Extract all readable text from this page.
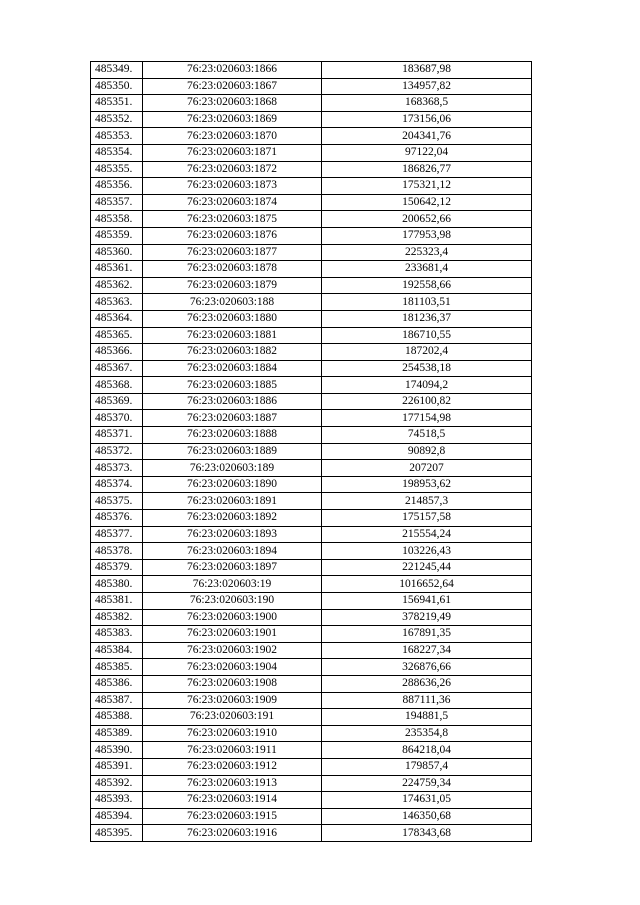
485349.	76:23:020603:1866	183687,98
485350.	76:23:020603:1867	134957,82
485351.	76:23:020603:1868	168368,5
485352.	76:23:020603:1869	173156,06
485353.	76:23:020603:1870	204341,76
485354.	76:23:020603:1871	97122,04
485355.	76:23:020603:1872	186826,77
485356.	76:23:020603:1873	175321,12
485357.	76:23:020603:1874	150642,12
485358.	76:23:020603:1875	200652,66
485359.	76:23:020603:1876	177953,98
485360.	76:23:020603:1877	225323,4
485361.	76:23:020603:1878	233681,4
485362.	76:23:020603:1879	192558,66
485363.	76:23:020603:188	181103,51
485364.	76:23:020603:1880	181236,37
485365.	76:23:020603:1881	186710,55
485366.	76:23:020603:1882	187202,4
485367.	76:23:020603:1884	254538,18
485368.	76:23:020603:1885	174094,2
485369.	76:23:020603:1886	226100,82
485370.	76:23:020603:1887	177154,98
485371.	76:23:020603:1888	74518,5
485372.	76:23:020603:1889	90892,8
485373.	76:23:020603:189	207207
485374.	76:23:020603:1890	198953,62
485375.	76:23:020603:1891	214857,3
485376.	76:23:020603:1892	175157,58
485377.	76:23:020603:1893	215554,24
485378.	76:23:020603:1894	103226,43
485379.	76:23:020603:1897	221245,44
485380.	76:23:020603:19	1016652,64
485381.	76:23:020603:190	156941,61
485382.	76:23:020603:1900	378219,49
485383.	76:23:020603:1901	167891,35
485384.	76:23:020603:1902	168227,34
485385.	76:23:020603:1904	326876,66
485386.	76:23:020603:1908	288636,26
485387.	76:23:020603:1909	887111,36
485388.	76:23:020603:191	194881,5
485389.	76:23:020603:1910	235354,8
485390.	76:23:020603:1911	864218,04
485391.	76:23:020603:1912	179857,4
485392.	76:23:020603:1913	224759,34
485393.	76:23:020603:1914	174631,05
485394.	76:23:020603:1915	146350,68
485395.	76:23:020603:1916	178343,68
